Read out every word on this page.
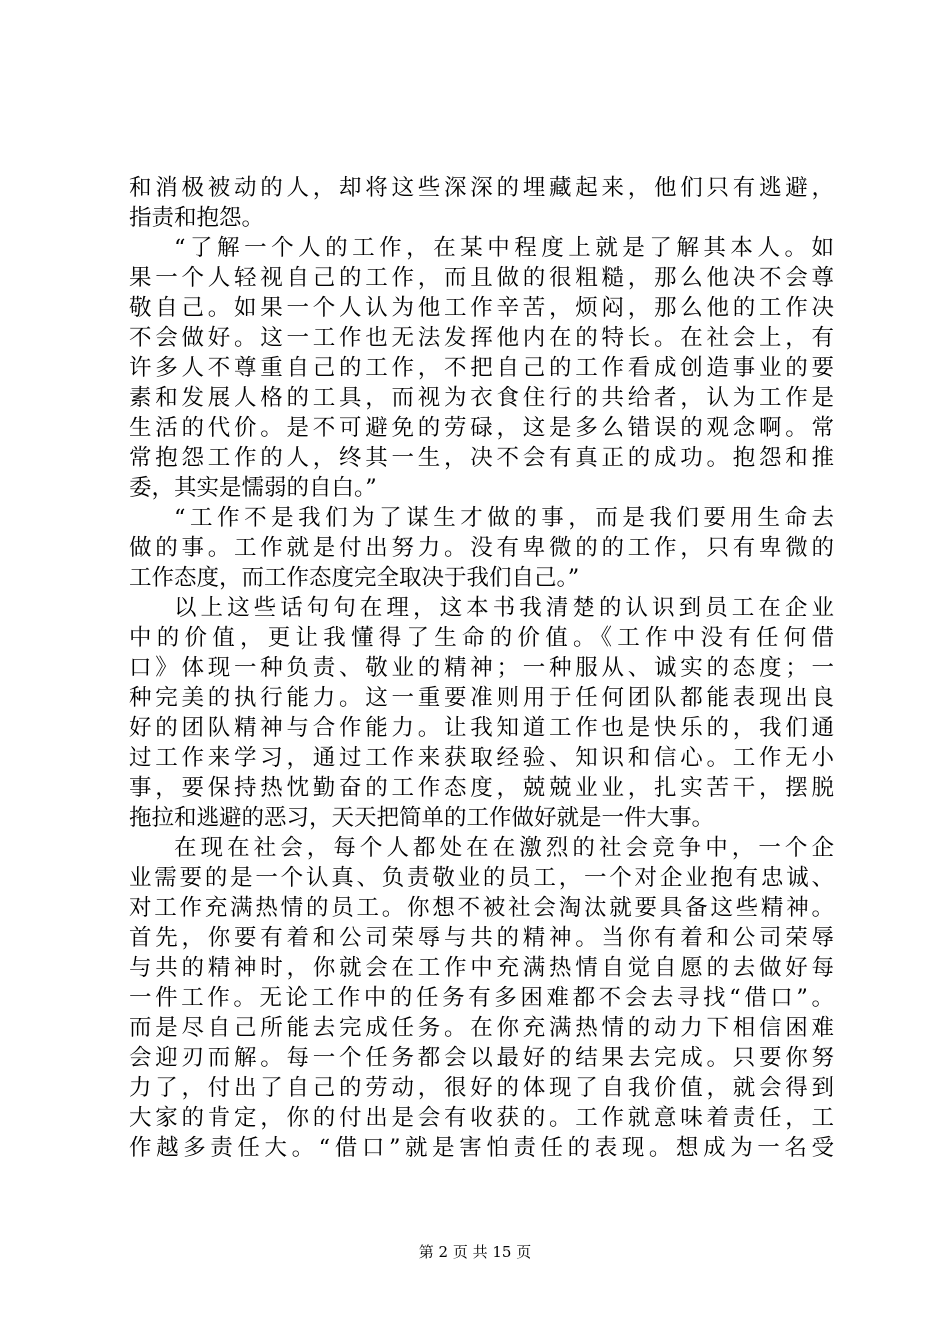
和消极被动的人，却将这些深深的埋藏起来，他们只有逃避，
指责和抱怨。
“了解一个人的工作，在某中程度上就是了解其本人。如
果一个人轻视自己的工作，而且做的很粗糙，那么他决不会尊
敬自己。如果一个人认为他工作辛苦，烦闷，那么他的工作决
不会做好。这一工作也无法发挥他内在的特长。在社会上，有
许多人不尊重自己的工作，不把自己的工作看成创造事业的要
素和发展人格的工具，而视为衣食住行的共给者，认为工作是
生活的代价。是不可避免的劳碌，这是多么错误的观念啊。常
常抱怨工作的人，终其一生，决不会有真正的成功。抱怨和推
委，其实是懦弱的自白。”
“工作不是我们为了谋生才做的事，而是我们要用生命去
做的事。工作就是付出努力。没有卑微的的工作，只有卑微的
工作态度，而工作态度完全取决于我们自己。”
以上这些话句句在理，这本书我清楚的认识到员工在企业
中的价值，更让我懂得了生命的价值。《工作中没有任何借
口》体现一种负责、敬业的精神；一种服从、诚实的态度；一
种完美的执行能力。这一重要准则用于任何团队都能表现出良
好的团队精神与合作能力。让我知道工作也是快乐的，我们通
过工作来学习，通过工作来获取经验、知识和信心。工作无小
事，要保持热忱勤奋的工作态度，兢兢业业，扎实苦干，摆脱
拖拉和逃避的恶习，天天把简单的工作做好就是一件大事。
在现在社会，每个人都处在在激烈的社会竞争中，一个企
业需要的是一个认真、负责敬业的员工，一个对企业抱有忠诚、
对工作充满热情的员工。你想不被社会淘汰就要具备这些精神。
首先，你要有着和公司荣辱与共的精神。当你有着和公司荣辱
与共的精神时，你就会在工作中充满热情自觉自愿的去做好每
一件工作。无论工作中的任务有多困难都不会去寻找“借口”。
而是尽自己所能去完成任务。在你充满热情的动力下相信困难
会迎刃而解。每一个任务都会以最好的结果去完成。只要你努
力了，付出了自己的劳动，很好的体现了自我价值，就会得到
大家的肯定，你的付出是会有收获的。工作就意味着责任，工
作越多责任大。“借口”就是害怕责任的表现。想成为一名受
第 2 页 共 15 页
